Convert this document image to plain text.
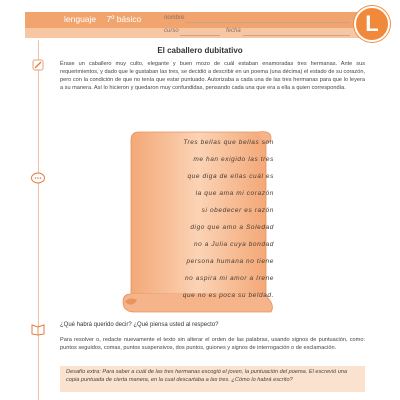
lenguaje 7º básico	nombre
curso	fecha	L
El caballero dubitativo
Érase un caballero muy culto, elegante y buen mozo de cuál estaban enamoradas tres hermanas. Ante sus requerimientos, y dado que le gustaban las tres, se decidió a describir en un poema (una décima) el estado de su corazón, pero con la condición de que no tenía que estar puntuado. Autorizaba a cada una de las tres hermanas para que lo leyera a su manera. Así lo hicieron y quedaron muy confundidas, pensando cada una que era a ella a quien correspondía.
Tres bellas que bellas son
me han exigido las tres
que diga de ellas cuál es
la que ama mi corazón
si obedecer es razón
digo que amo a Soledad
no a Julia cuya bondad
persona humana no tiene
no aspira mi amor a Irene
que no es poca su beldad.
¿Qué habrá querido decir? ¿Qué piensa usted al respecto?
Para resolver o, redacte nuevamente el texto sin alterar el orden de las palabras, usando signos de puntuación, como: puntos seguidos, comas, puntos suspensivos, dos puntos, guiones y signos de interrogación o de exclamación.

Desafío extra: Para saber a cuál de las tres hermanas escogió el joven, la puntuación del poema. El escrevió una copia puntuada de cierta manera, en la cual descartaba a las tres. ¿Cómo lo habrá escrito?
